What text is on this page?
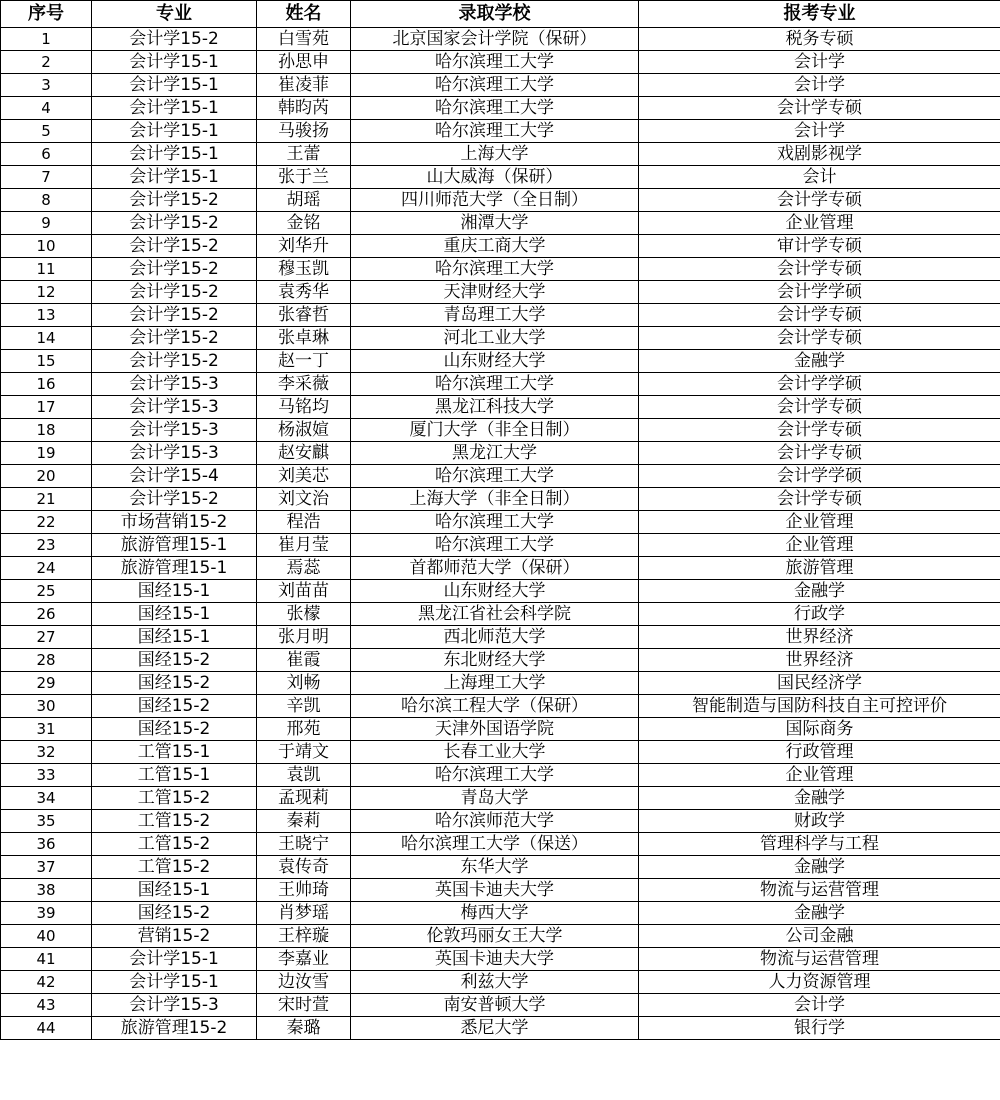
序号	专业	姓名	录取学校	报考专业
1	会计学15-2	白雪苑	北京国家会计学院（保研）	税务专硕
2	会计学15-1	孙思申	哈尔滨理工大学	会计学
3	会计学15-1	崔凌菲	哈尔滨理工大学	会计学
4	会计学15-1	韩昀芮	哈尔滨理工大学	会计学专硕
5	会计学15-1	马骏扬	哈尔滨理工大学	会计学
6	会计学15-1	王蕾	上海大学	戏剧影视学
7	会计学15-1	张于兰	山大威海（保研）	会计
8	会计学15-2	胡瑶	四川师范大学（全日制）	会计学专硕
9	会计学15-2	金铭	湘潭大学	企业管理
10	会计学15-2	刘华升	重庆工商大学	审计学专硕
11	会计学15-2	穆玉凯	哈尔滨理工大学	会计学专硕
12	会计学15-2	袁秀华	天津财经大学	会计学学硕
13	会计学15-2	张睿哲	青岛理工大学	会计学专硕
14	会计学15-2	张卓琳	河北工业大学	会计学专硕
15	会计学15-2	赵一丁	山东财经大学	金融学
16	会计学15-3	李采薇	哈尔滨理工大学	会计学学硕
17	会计学15-3	马铭均	黑龙江科技大学	会计学专硕
18	会计学15-3	杨淑媗	厦门大学（非全日制）	会计学专硕
19	会计学15-3	赵安麒	黑龙江大学	会计学专硕
20	会计学15-4	刘美芯	哈尔滨理工大学	会计学学硕
21	会计学15-2	刘文治	上海大学（非全日制）	会计学专硕
22	市场营销15-2	程浩	哈尔滨理工大学	企业管理
23	旅游管理15-1	崔月莹	哈尔滨理工大学	企业管理
24	旅游管理15-1	焉蕊	首都师范大学（保研）	旅游管理
25	国经15-1	刘苗苗	山东财经大学	金融学
26	国经15-1	张檬	黑龙江省社会科学院	行政学
27	国经15-1	张月明	西北师范大学	世界经济
28	国经15-2	崔霞	东北财经大学	世界经济
29	国经15-2	刘畅	上海理工大学	国民经济学
30	国经15-2	辛凯	哈尔滨工程大学（保研）	智能制造与国防科技自主可控评价
31	国经15-2	邢苑	天津外国语学院	国际商务
32	工管15-1	于靖文	长春工业大学	行政管理
33	工管15-1	袁凯	哈尔滨理工大学	企业管理
34	工管15-2	孟现莉	青岛大学	金融学
35	工管15-2	秦莉	哈尔滨师范大学	财政学
36	工管15-2	王晓宁	哈尔滨理工大学（保送）	管理科学与工程
37	工管15-2	袁传奇	东华大学	金融学
38	国经15-1	王帅琦	英国卡迪夫大学	物流与运营管理
39	国经15-2	肖梦瑶	梅西大学	金融学
40	营销15-2	王梓璇	伦敦玛丽女王大学	公司金融
41	会计学15-1	李嘉业	英国卡迪夫大学	物流与运营管理
42	会计学15-1	边汝雪	利兹大学	人力资源管理
43	会计学15-3	宋时萱	南安普顿大学	会计学
44	旅游管理15-2	秦璐	悉尼大学	银行学
